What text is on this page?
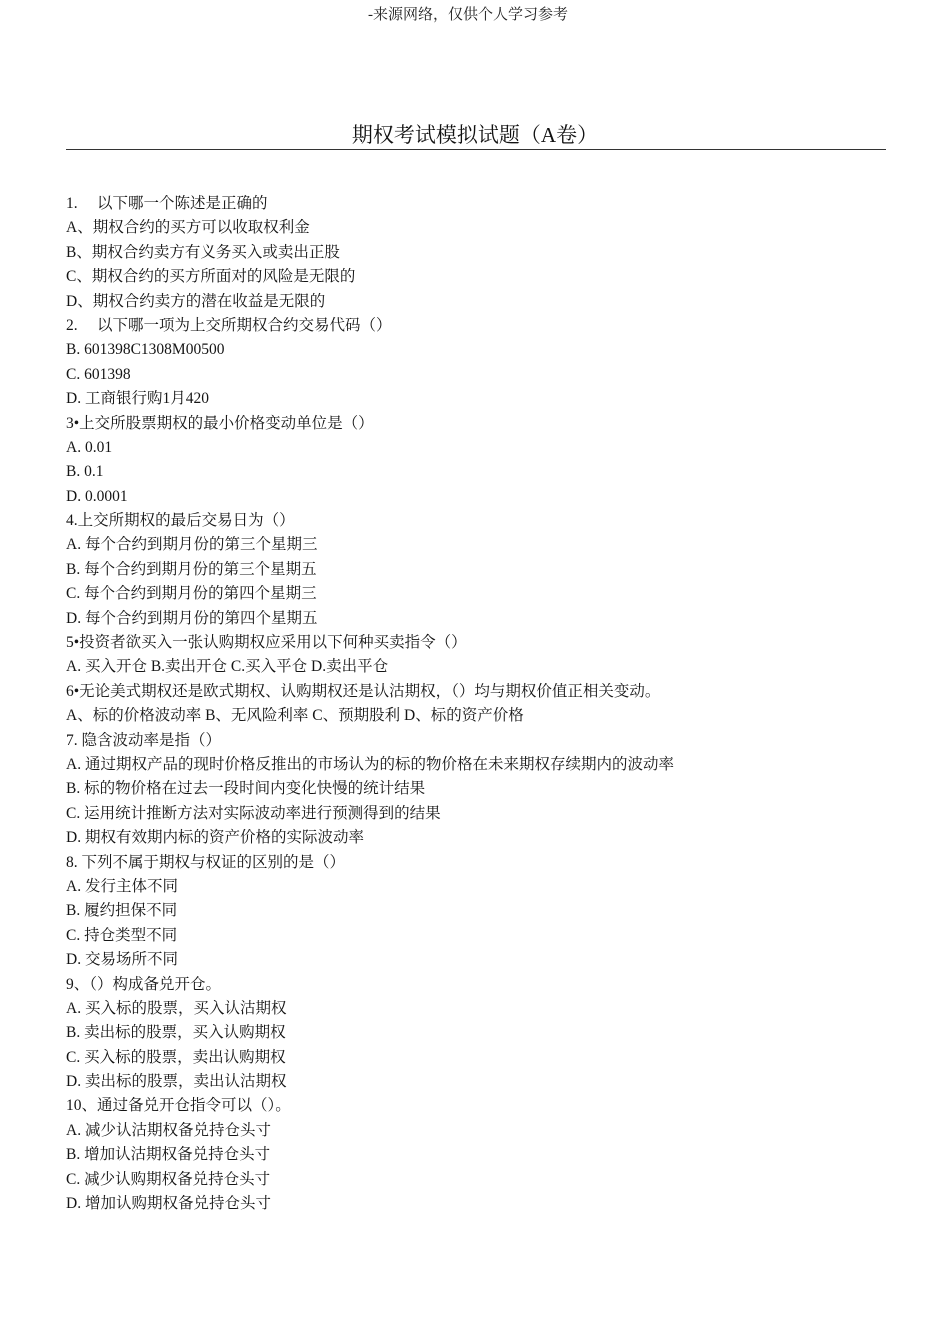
-来源网络，仅供个人学习参考
期权考试模拟试题（A卷）
1.　 以下哪一个陈述是正确的
A、期权合约的买方可以收取权利金
B、期权合约卖方有义务买入或卖出正股
C、期权合约的买方所面对的风险是无限的
D、期权合约卖方的潜在收益是无限的
2.　 以下哪一项为上交所期权合约交易代码（）
B. 601398C1308M00500
C. 601398
D. 工商银行购1月420
3•上交所股票期权的最小价格变动单位是（）
A. 0.01
B. 0.1
D. 0.0001
4.上交所期权的最后交易日为（）
A. 每个合约到期月份的第三个星期三
B. 每个合约到期月份的第三个星期五
C. 每个合约到期月份的第四个星期三
D. 每个合约到期月份的第四个星期五
5•投资者欲买入一张认购期权应采用以下何种买卖指令（）
A. 买入开仓 B.卖出开仓 C.买入平仓 D.卖出平仓
6•无论美式期权还是欧式期权、认购期权还是认沽期权，（）均与期权价值正相关变动。
A、标的价格波动率 B、无风险利率 C、预期股利 D、标的资产价格
7. 隐含波动率是指（）
A. 通过期权产品的现时价格反推出的市场认为的标的物价格在未来期权存续期内的波动率
B. 标的物价格在过去一段时间内变化快慢的统计结果
C. 运用统计推断方法对实际波动率进行预测得到的结果
D. 期权有效期内标的资产价格的实际波动率
8. 下列不属于期权与权证的区别的是（）
A. 发行主体不同
B. 履约担保不同
C. 持仓类型不同
D. 交易场所不同
9、（）构成备兑开仓。
A. 买入标的股票，买入认沽期权
B. 卖出标的股票，买入认购期权
C. 买入标的股票，卖出认购期权
D. 卖出标的股票，卖出认沽期权
10、通过备兑开仓指令可以（）。
A. 减少认沽期权备兑持仓头寸
B. 增加认沽期权备兑持仓头寸
C. 减少认购期权备兑持仓头寸
D. 增加认购期权备兑持仓头寸
